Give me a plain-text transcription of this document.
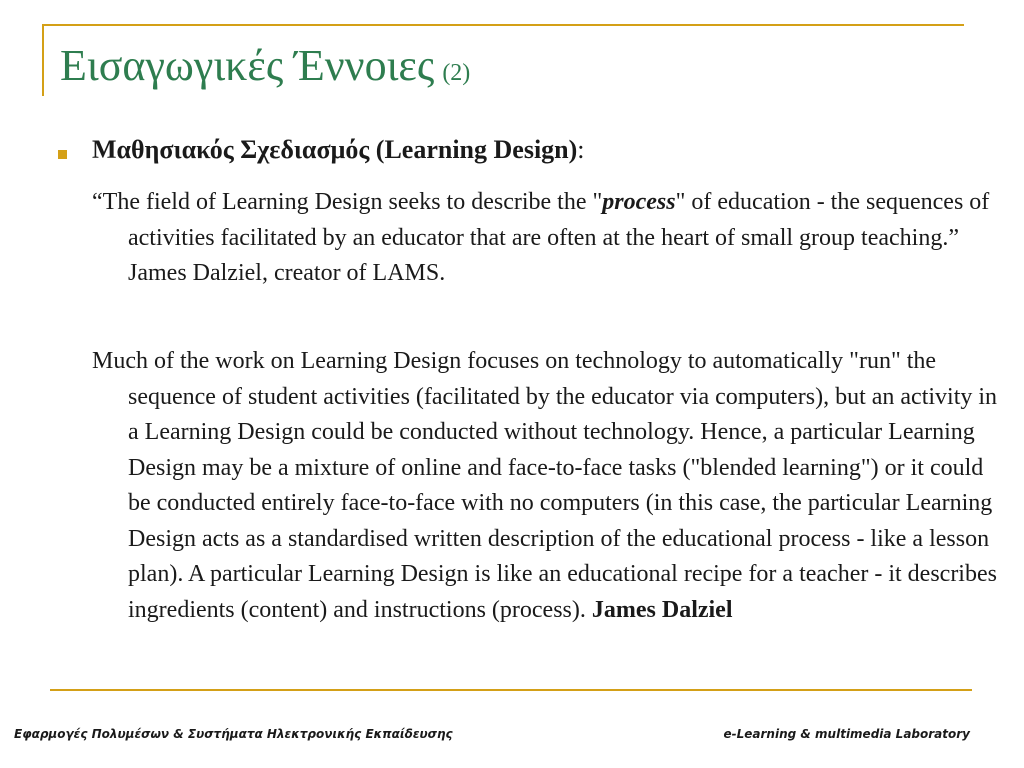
Εισαγωγικές Έννοιες (2)
Μαθησιακός Σχεδιασμός (Learning Design):
“The field of Learning Design seeks to describe the "process" of education - the sequences of activities facilitated by an educator that are often at the heart of small group teaching.” James Dalziel, creator of LAMS.
Much of the work on Learning Design focuses on technology to automatically "run" the sequence of student activities (facilitated by the educator via computers), but an activity in a Learning Design could be conducted without technology. Hence, a particular Learning Design may be a mixture of online and face-to-face tasks ("blended learning") or it could be conducted entirely face-to-face with no computers (in this case, the particular Learning Design acts as a standardised written description of the educational process - like a lesson plan). A particular Learning Design is like an educational recipe for a teacher - it describes ingredients (content) and instructions (process). James Dalziel
Εφαρμογές Πολυμέσων & Συστήματα Ηλεκτρονικής Εκπαίδευσης	e-Learning & multimedia Laboratory
